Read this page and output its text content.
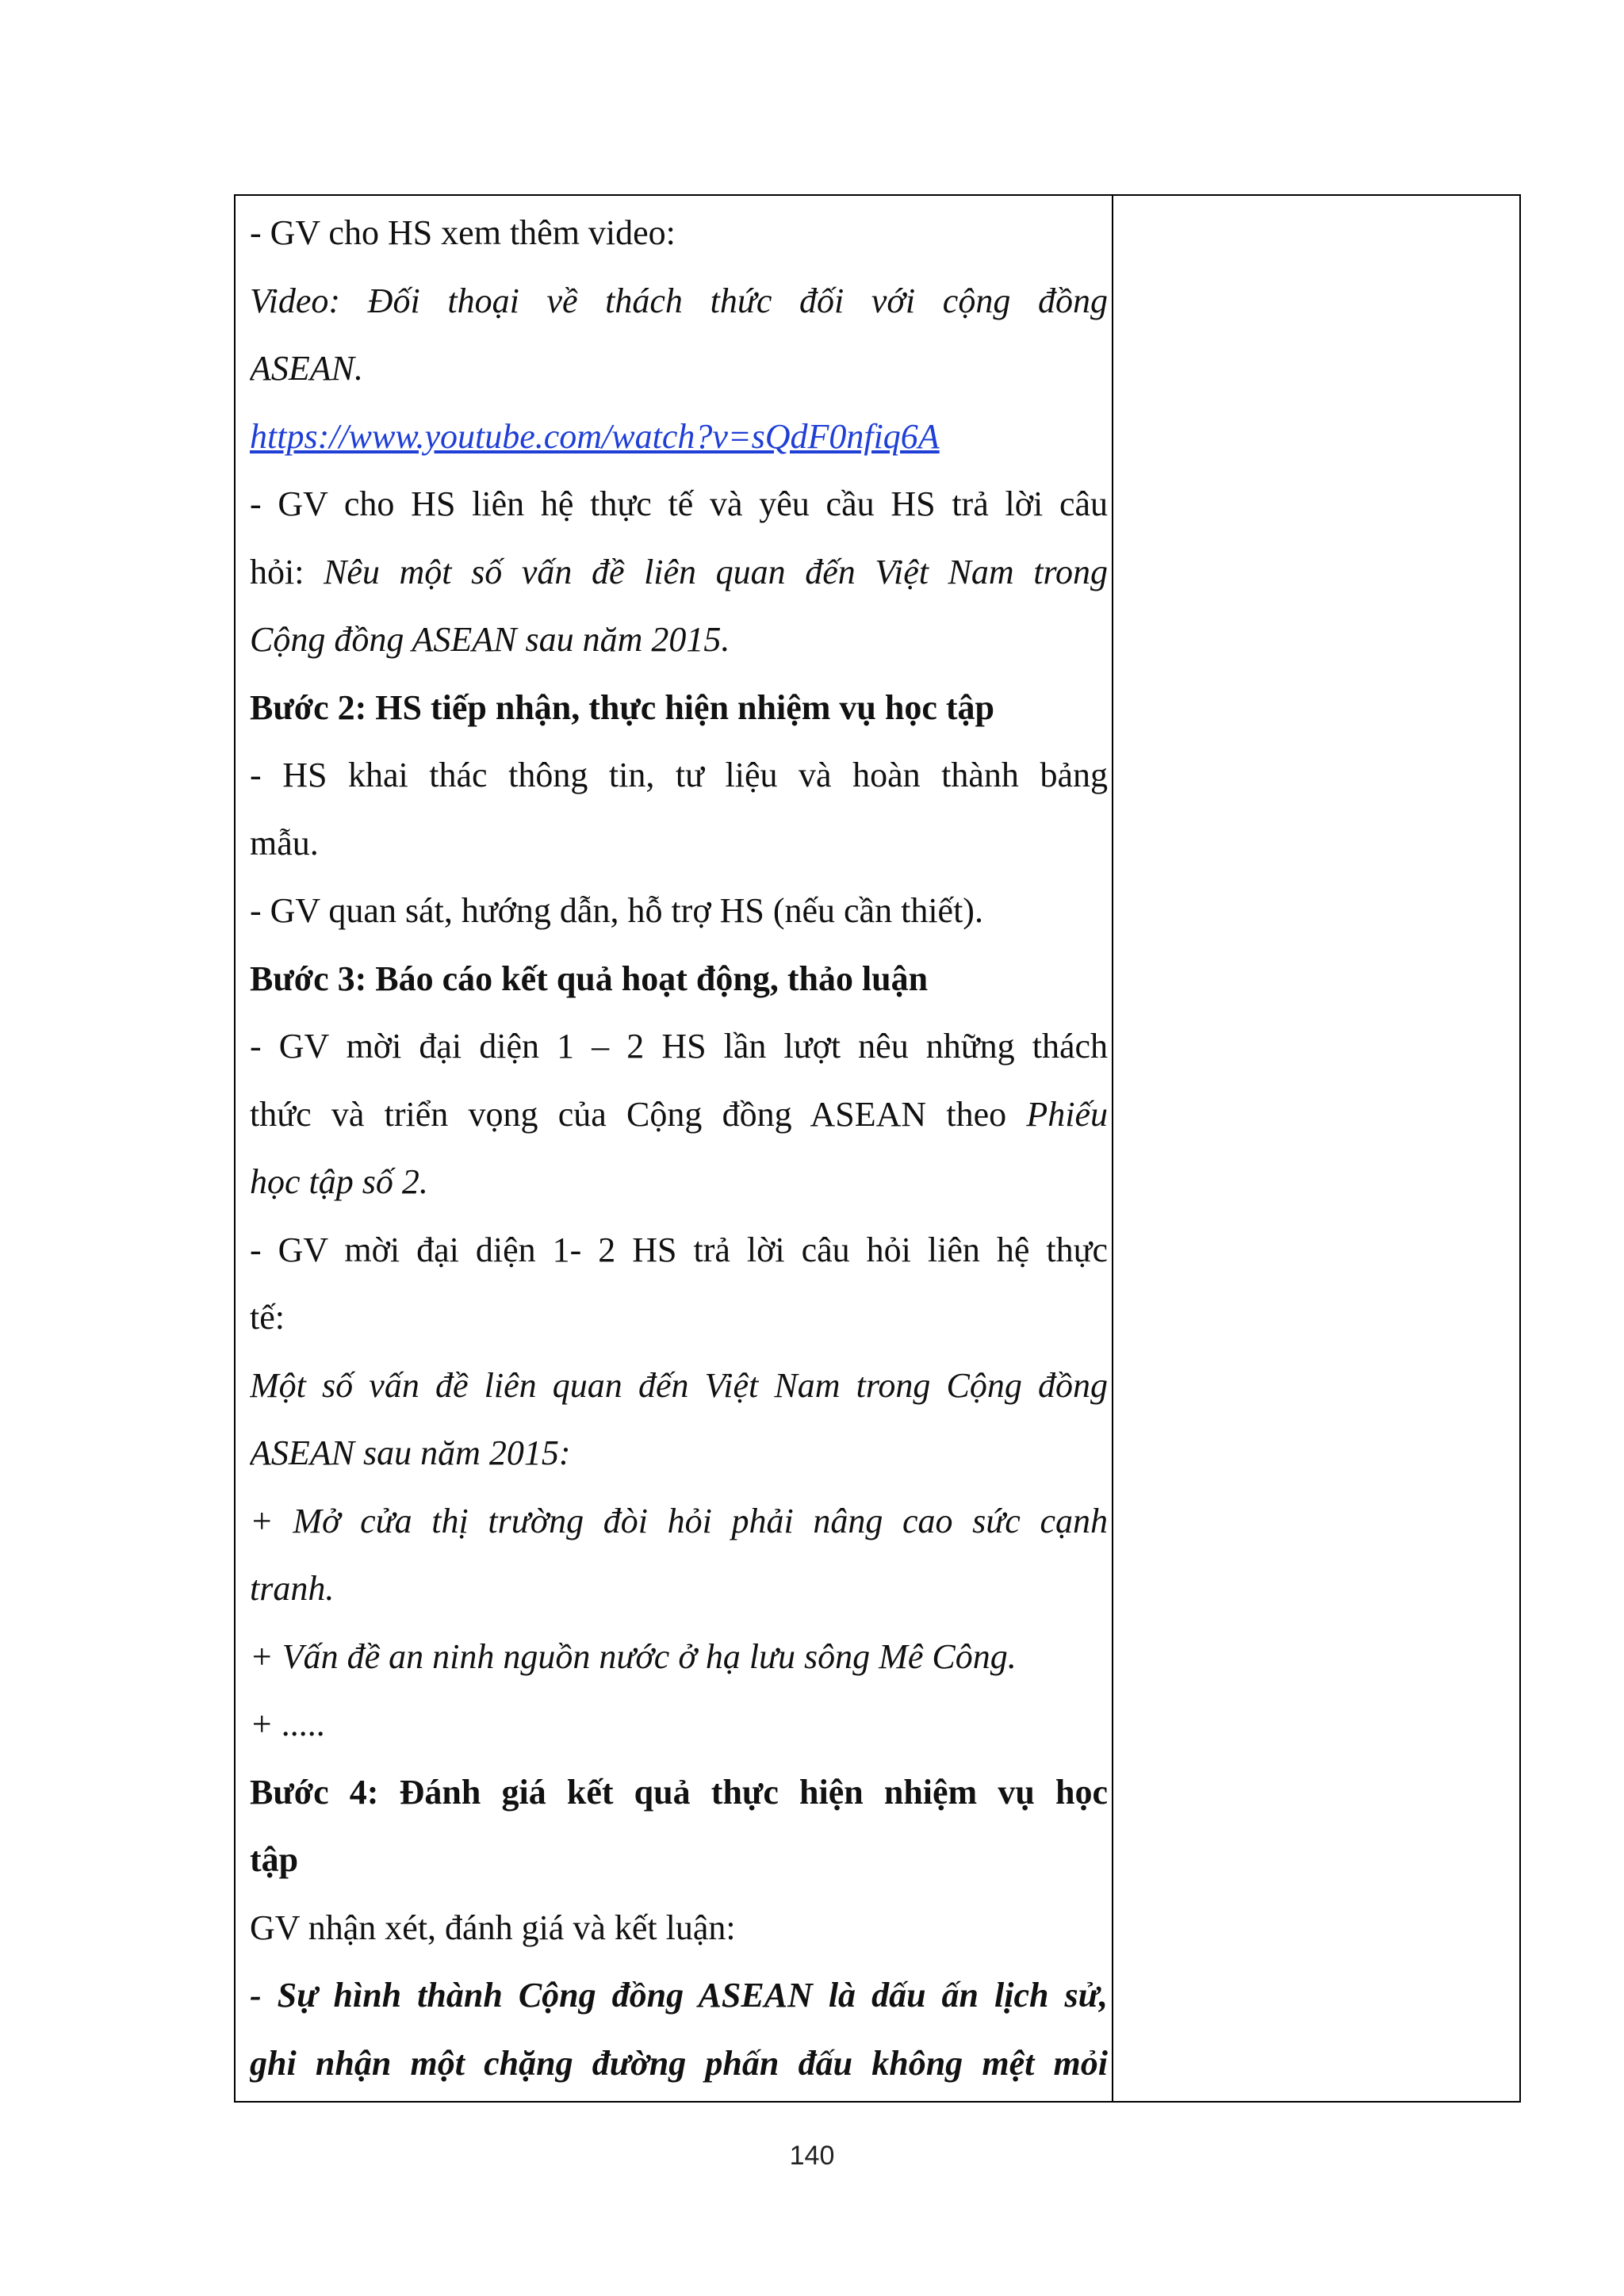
- GV cho HS xem thêm video:
Video: Đối thoại về thách thức đối với cộng đồng
ASEAN.
https://www.youtube.com/watch?v=sQdF0nfiq6A
- GV cho HS liên hệ thực tế và yêu cầu HS trả lời câu
hỏi: Nêu một số vấn đề liên quan đến Việt Nam trong
Cộng đồng ASEAN sau năm 2015.
Bước 2: HS tiếp nhận, thực hiện nhiệm vụ học tập
- HS khai thác thông tin, tư liệu và hoàn thành bảng
mẫu.
- GV quan sát, hướng dẫn, hỗ trợ HS (nếu cần thiết).
Bước 3: Báo cáo kết quả hoạt động, thảo luận
- GV mời đại diện 1 – 2 HS lần lượt nêu những thách
thức và triển vọng của Cộng đồng ASEAN theo Phiếu
học tập số 2.
- GV mời đại diện 1- 2 HS trả lời câu hỏi liên hệ thực
tế:
Một số vấn đề liên quan đến Việt Nam trong Cộng đồng
ASEAN sau năm 2015:
+ Mở cửa thị trường đòi hỏi phải nâng cao sức cạnh
tranh.
+ Vấn đề an ninh nguồn nước ở hạ lưu sông Mê Công.
+ .....
Bước 4: Đánh giá kết quả thực hiện nhiệm vụ học
tập
GV nhận xét, đánh giá và kết luận:
- Sự hình thành Cộng đồng ASEAN là dấu ấn lịch sử,
ghi nhận một chặng đường phấn đấu không mệt mỏi
140
